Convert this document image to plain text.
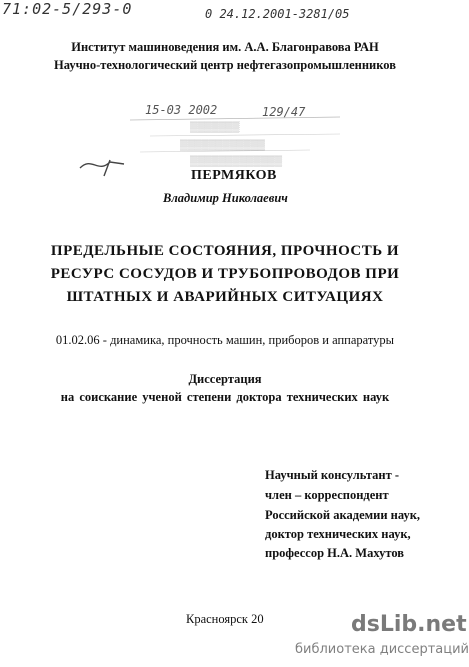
71:02-5/293-0	0 24.12.2001-3281/05
Институт машиноведения им. А.А. Благонравова РАН
Научно-технологический центр нефтегазопромышленников
▒▒▒▒▒▒▒
▒▒▒▒▒▒▒▒▒▒▒▒
▒▒▒▒▒▒▒▒▒▒▒▒▒
15-03 2002	129/47
ПЕРМЯКОВ
Владимир Николаевич
ПРЕДЕЛЬНЫЕ СОСТОЯНИЯ, ПРОЧНОСТЬ И
РЕСУРС СОСУДОВ И ТРУБОПРОВОДОВ ПРИ
ШТАТНЫХ И АВАРИЙНЫХ СИТУАЦИЯХ
01.02.06 - динамика, прочность машин, приборов и аппаратуры
Диссертация
на соискание ученой степени доктора технических наук
Научный консультант -
член – корреспондент
Российской академии наук,
доктор технических наук,
профессор Н.А. Махутов
Красноярск 20	dsLib.net
библиотека диссертаций
